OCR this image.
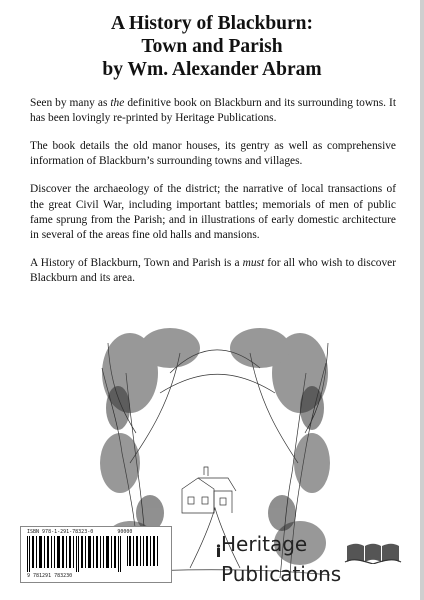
A History of Blackburn:
Town and Parish
by Wm. Alexander Abram

Seen by many as the definitive book on Blackburn and its surrounding towns. It has been lovingly re-printed by Heritage Publications.

The book details the old manor houses, its gentry as well as comprehensive information of Blackburn’s surrounding towns and villages.

Discover the archaeology of the district; the narrative of local transactions of the great Civil War, including important battles; memorials of men of public fame sprung from the Parish; and in illustrations of early domestic architecture in several of the areas fine old halls and mansions.

A History of Blackburn, Town and Parish is a must for all who wish to discover Blackburn and its area.

ISBN 978-1-291-78323-0	90000
9 781291 783230
Heritage
Publications
